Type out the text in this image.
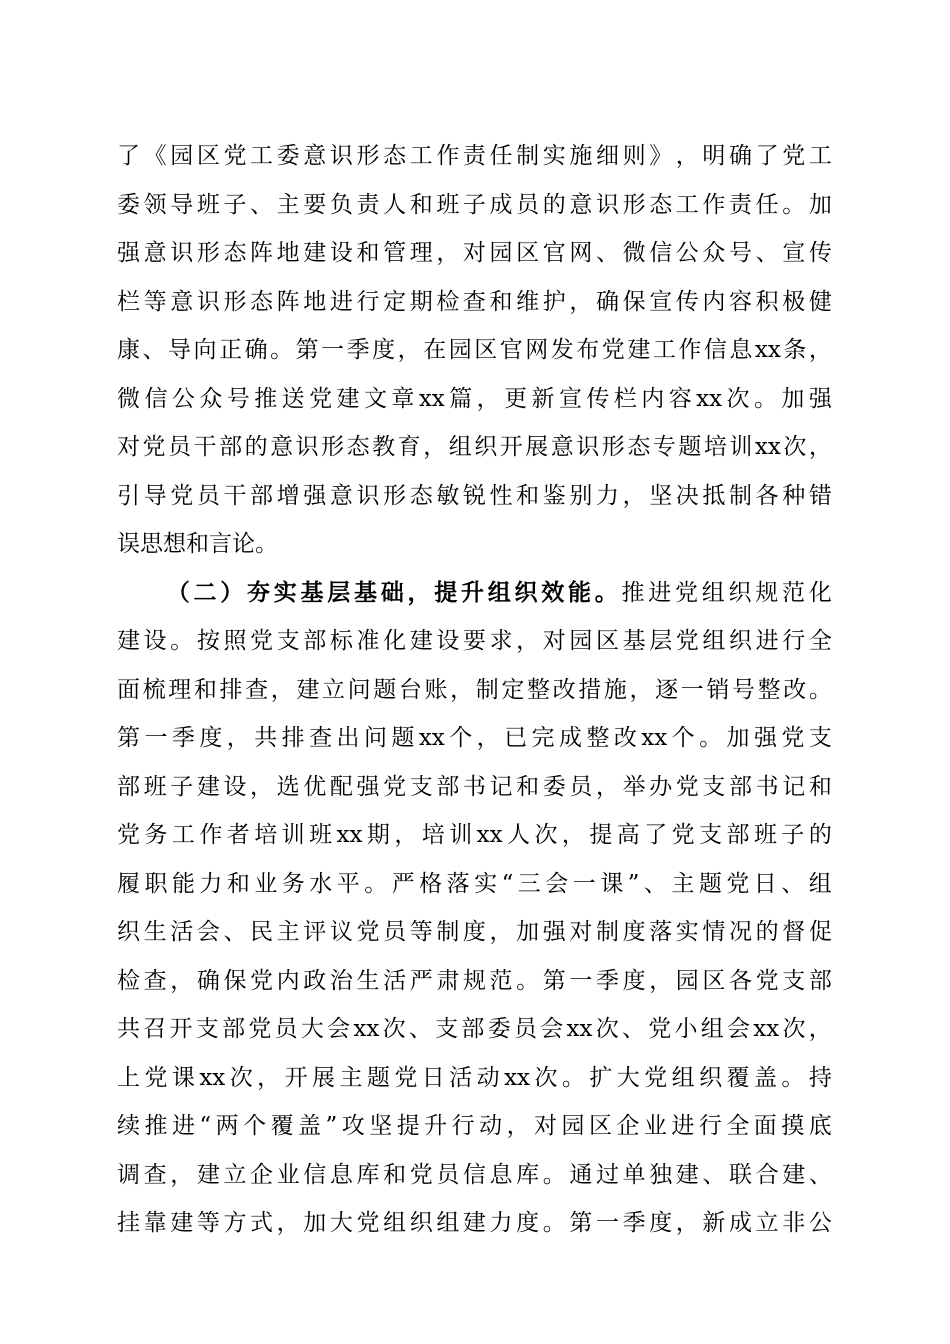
了 《 园 区 党 工 委 意 识 形 态 工 作 责 任 制 实 施 细 则 》 ， 明 确 了 党 工
委 领 导 班 子 、 主 要 负 责 人 和 班 子 成 员 的 意 识 形 态 工 作 责 任 。 加
强 意 识 形 态 阵 地 建 设 和 管 理 ， 对 园 区 官 网 、 微 信 公 众 号 、 宣 传
栏 等 意 识 形 态 阵 地 进 行 定 期 检 查 和 维 护 ， 确 保 宣 传 内 容 积 极 健
康 、 导 向 正 确 。 第 一 季 度 ， 在 园 区 官 网 发 布 党 建 工 作 信 息 xx 条 ，
微 信 公 众 号 推 送 党 建 文 章 xx 篇 ， 更 新 宣 传 栏 内 容 xx 次 。 加 强
对 党 员 干 部 的 意 识 形 态 教 育 ， 组 织 开 展 意 识 形 态 专 题 培 训 xx 次 ，
引 导 党 员 干 部 增 强 意 识 形 态 敏 锐 性 和 鉴 别 力 ， 坚 决 抵 制 各 种 错
误思想和言论。
（ 二 ） 夯 实 基 层 基 础 ， 提 升 组 织 效 能 。 推 进 党 组 织 规 范 化
建 设 。 按 照 党 支 部 标 准 化 建 设 要 求 ， 对 园 区 基 层 党 组 织 进 行 全
面 梳 理 和 排 查 ， 建 立 问 题 台 账 ， 制 定 整 改 措 施 ， 逐 一 销 号 整 改 。
第 一 季 度 ， 共 排 查 出 问 题 xx 个 ， 已 完 成 整 改 xx 个 。 加 强 党 支
部 班 子 建 设 ， 选 优 配 强 党 支 部 书 记 和 委 员 ， 举 办 党 支 部 书 记 和
党 务 工 作 者 培 训 班 xx 期 ， 培 训 xx 人 次 ， 提 高 了 党 支 部 班 子 的
履 职 能 力 和 业 务 水 平 。 严 格 落 实 “ 三 会 一 课 ” 、 主 题 党 日 、 组
织 生 活 会 、 民 主 评 议 党 员 等 制 度 ， 加 强 对 制 度 落 实 情 况 的 督 促
检 查 ， 确 保 党 内 政 治 生 活 严 肃 规 范 。 第 一 季 度 ， 园 区 各 党 支 部
共 召 开 支 部 党 员 大 会 xx 次 、 支 部 委 员 会 xx 次 、 党 小 组 会 xx 次 ，
上 党 课 xx 次 ， 开 展 主 题 党 日 活 动 xx 次 。 扩 大 党 组 织 覆 盖 。 持
续 推 进 “ 两 个 覆 盖 ” 攻 坚 提 升 行 动 ， 对 园 区 企 业 进 行 全 面 摸 底
调 查 ， 建 立 企 业 信 息 库 和 党 员 信 息 库 。 通 过 单 独 建 、 联 合 建 、
挂 靠 建 等 方 式 ， 加 大 党 组 织 组 建 力 度 。 第 一 季 度 ， 新 成 立 非 公
